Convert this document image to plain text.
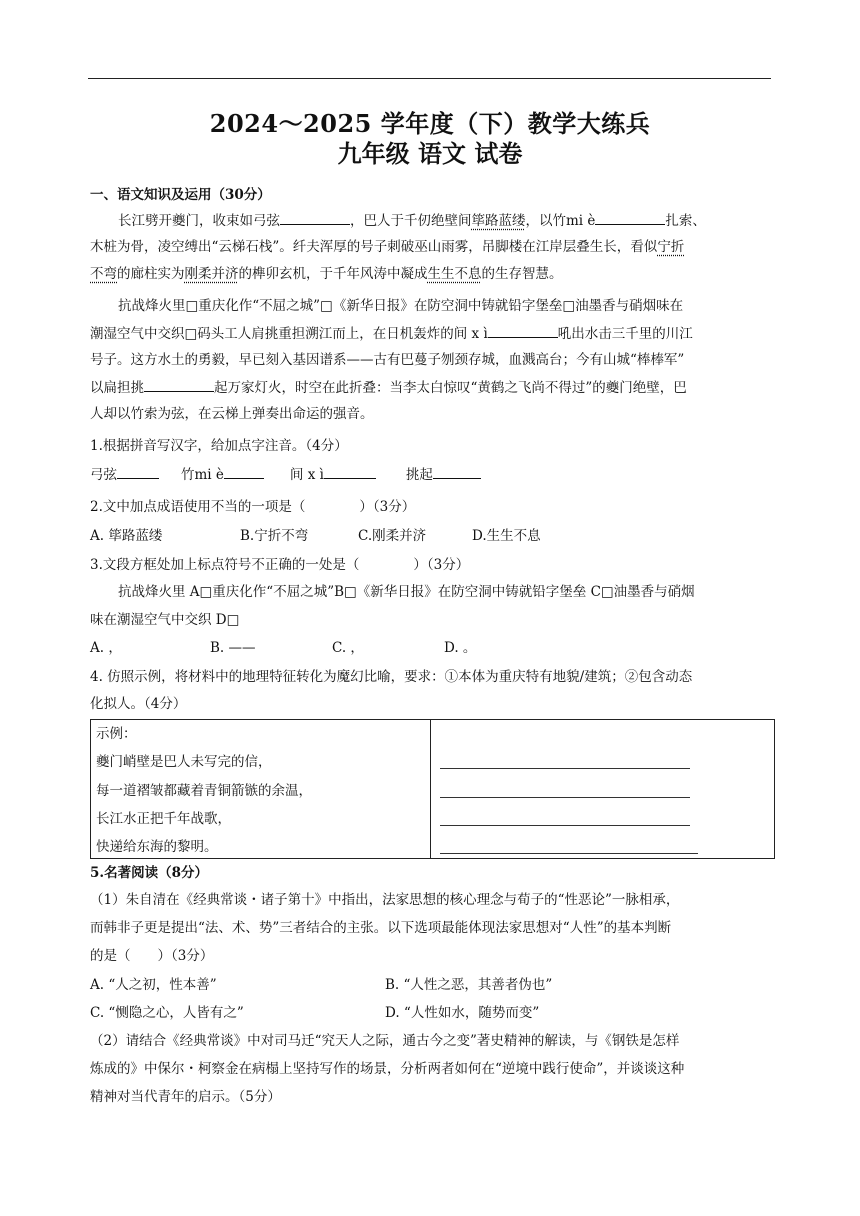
2024～2025 学年度（下）教学大练兵
九年级 语文 试卷
一、语文知识及运用（30分）
长江劈开夔门，收束如弓弦	，巴人于千仞绝壁间筚路蓝缕，以竹mi è	扎索、
木桩为骨，凌空缚出“云梯石栈”。纤夫浑厚的号子刺破巫山雨雾，吊脚楼在江岸层叠生长，看似宁折
不弯的廊柱实为刚柔并济的榫卯玄机，于千年风涛中凝成生生不息的生存智慧。
抗战烽火里□重庆化作“不屈之城”□《新华日报》在防空洞中铸就铅字堡垒□油墨香与硝烟味在
潮湿空气中交织□码头工人肩挑重担溯江而上，在日机轰炸的间 x ì	吼出水击三千里的川江
号子。这方水土的勇毅，早已刻入基因谱系——古有巴蔓子刎颈存城，血溅高台；今有山城“棒棒军”
以扁担挑	起万家灯火，时空在此折叠：当李太白惊叹“黄鹤之飞尚不得过”的夔门绝壁，巴
人却以竹索为弦，在云梯上弹奏出命运的强音。
1.根据拼音写汉字，给加点字注音。（4分）
弓弦	竹mi è	间 x ì	挑起
2.文中加点成语使用不当的一项是（　　　　）（3分）
A. 筚路蓝缕	B.宁折不弯	C.刚柔并济	D.生生不息
3.文段方框处加上标点符号不正确的一处是（　　　　）（3分）
抗战烽火里 A□重庆化作“不屈之城”B□《新华日报》在防空洞中铸就铅字堡垒 C□油墨香与硝烟
味在潮湿空气中交织 D□
A. ，	B. ——	C. ，	D. 。
4. 仿照示例，将材料中的地理特征转化为魔幻比喻，要求：①本体为重庆特有地貌/建筑；②包含动态
化拟人。（4分）
示例：
夔门峭壁是巴人未写完的信，
每一道褶皱都藏着青铜箭镞的余温，
长江水正把千年战歌，
快递给东海的黎明。
5.名著阅读（8分）
（1）朱自清在《经典常谈・诸子第十》中指出，法家思想的核心理念与荀子的“性恶论”一脉相承，
而韩非子更是提出“法、术、势”三者结合的主张。以下选项最能体现法家思想对“人性”的基本判断
的是（　　）（3分）
A. “人之初，性本善”	B. “人性之恶，其善者伪也”
C. “恻隐之心，人皆有之”	D. “人性如水，随势而变”
（2）请结合《经典常谈》中对司马迁“究天人之际，通古今之变”著史精神的解读，与《钢铁是怎样
炼成的》中保尔・柯察金在病榻上坚持写作的场景，分析两者如何在“逆境中践行使命”，并谈谈这种
精神对当代青年的启示。（5分）
